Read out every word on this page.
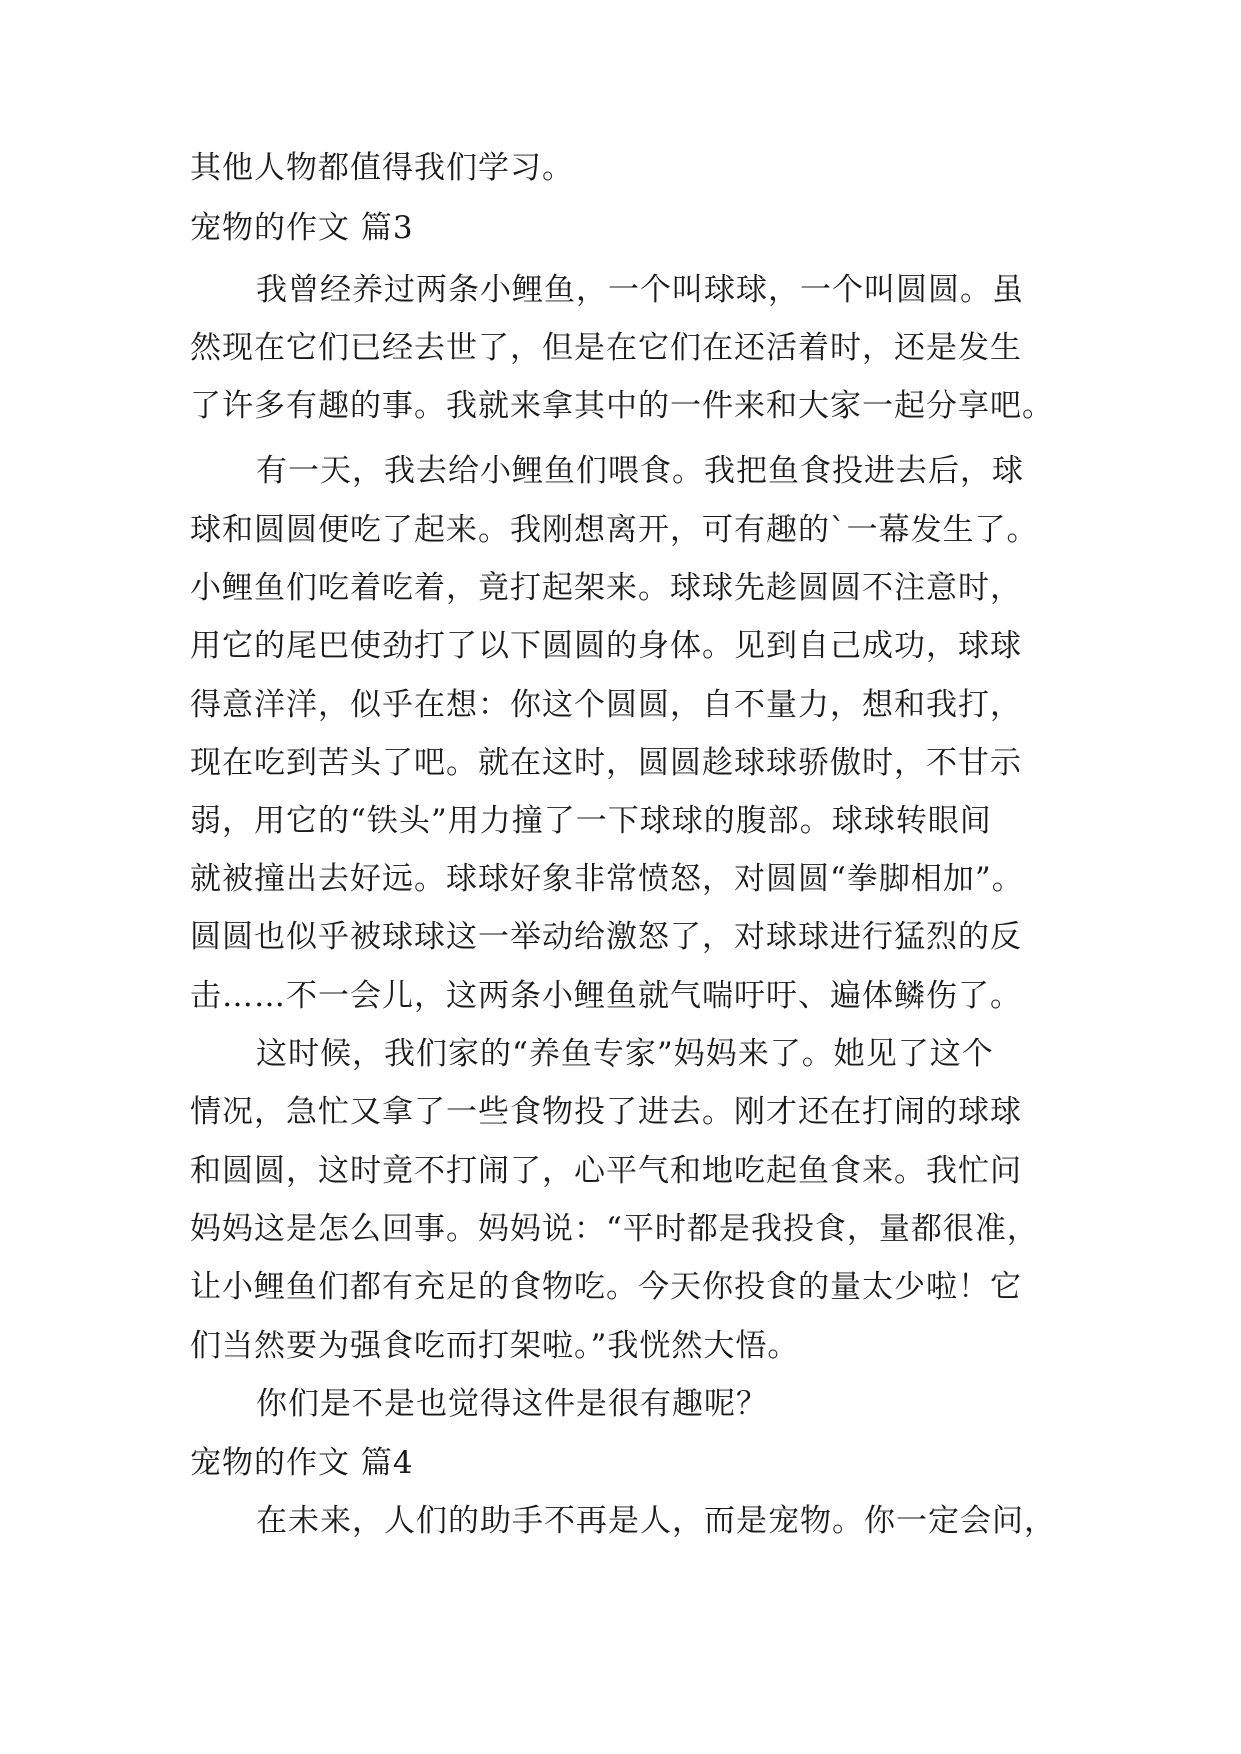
其他人物都值得我们学习。
宠物的作文 篇3
我曾经养过两条小鲤鱼，一个叫球球，一个叫圆圆。虽
然现在它们已经去世了，但是在它们在还活着时，还是发生
了许多有趣的事。我就来拿其中的一件来和大家一起分享吧。
有一天，我去给小鲤鱼们喂食。我把鱼食投进去后，球
球和圆圆便吃了起来。我刚想离开，可有趣的`一幕发生了。
小鲤鱼们吃着吃着，竟打起架来。球球先趁圆圆不注意时，
用它的尾巴使劲打了以下圆圆的身体。见到自己成功，球球
得意洋洋，似乎在想：你这个圆圆，自不量力，想和我打，
现在吃到苦头了吧。就在这时，圆圆趁球球骄傲时，不甘示
弱，用它的“铁头”用力撞了一下球球的腹部。球球转眼间
就被撞出去好远。球球好象非常愤怒，对圆圆“拳脚相加”。
圆圆也似乎被球球这一举动给激怒了，对球球进行猛烈的反
击……不一会儿，这两条小鲤鱼就气喘吁吁、遍体鳞伤了。
这时候，我们家的“养鱼专家”妈妈来了。她见了这个
情况，急忙又拿了一些食物投了进去。刚才还在打闹的球球
和圆圆，这时竟不打闹了，心平气和地吃起鱼食来。我忙问
妈妈这是怎么回事。妈妈说：“平时都是我投食，量都很准，
让小鲤鱼们都有充足的食物吃。今天你投食的量太少啦！它
们当然要为强食吃而打架啦。”我恍然大悟。
你们是不是也觉得这件是很有趣呢？
宠物的作文 篇4
在未来，人们的助手不再是人，而是宠物。你一定会问，
